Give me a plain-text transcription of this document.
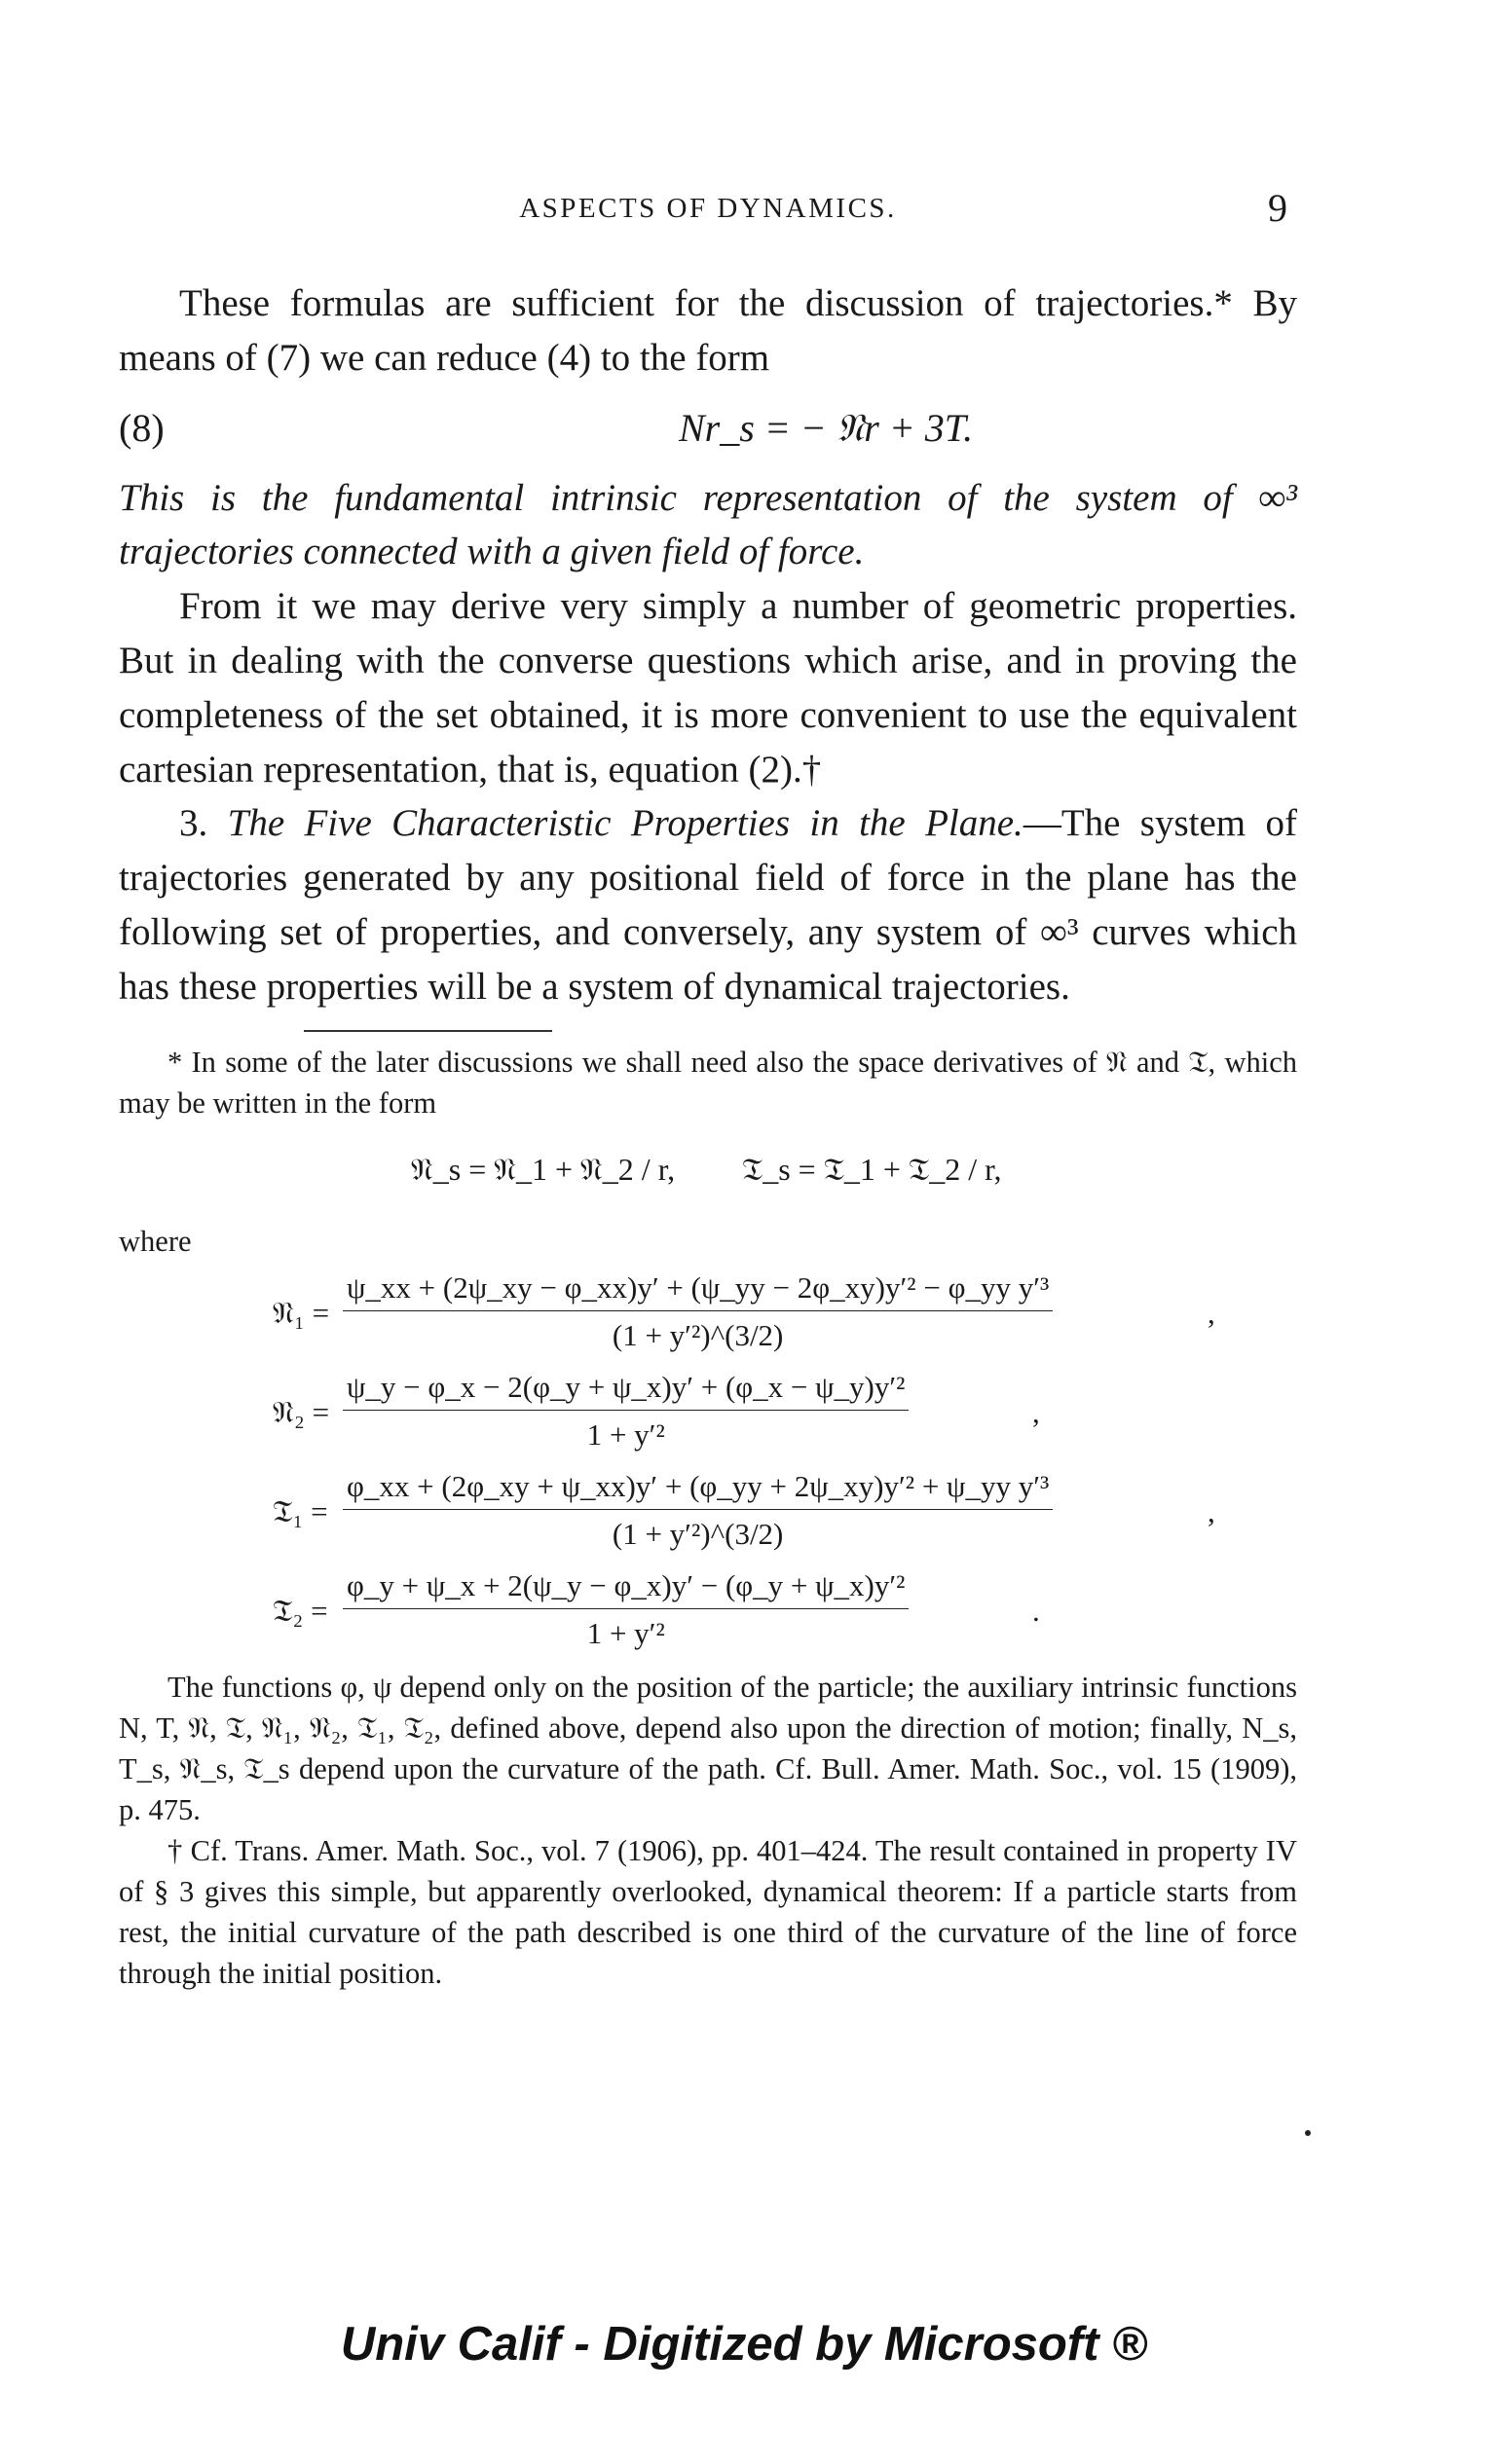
ASPECTS OF DYNAMICS.	9

These formulas are sufficient for the discussion of trajectories.* By means of (7) we can reduce (4) to the form

(8)	Nr_s = − 𝔑r + 3T.

This is the fundamental intrinsic representation of the system of ∞³ trajectories connected with a given field of force.

From it we may derive very simply a number of geometric properties. But in dealing with the converse questions which arise, and in proving the completeness of the set obtained, it is more convenient to use the equivalent cartesian representation, that is, equation (2).†

3. The Five Characteristic Properties in the Plane.—The system of trajectories generated by any positional field of force in the plane has the following set of properties, and conversely, any system of ∞³ curves which has these properties will be a system of dynamical trajectories.

* In some of the later discussions we shall need also the space derivatives of 𝔑 and 𝔗, which may be written in the form

𝔑_s = 𝔑_1 + 𝔑_2 / r, 𝔗_s = 𝔗_1 + 𝔗_2 / r,

where

𝔑₁ = $\frac{\text{ψ\_xx + (2ψ\_xy − φ\_xx)y′ + (ψ\_yy − 2φ\_xy)y′² − φ\_yy y′³}}{\text{(1 + y′²)\textasciicircum{}(3/2)}}$	,
𝔑₂ = $\frac{\text{ψ\_y − φ\_x − 2(φ\_y + ψ\_x)y′ + (φ\_x − ψ\_y)y′²}}{\text{1 + y′²}}$	,
𝔗₁ = $\frac{\text{φ\_xx + (2φ\_xy + ψ\_xx)y′ + (φ\_yy + 2ψ\_xy)y′² + ψ\_yy y′³}}{\text{(1 + y′²)\textasciicircum{}(3/2)}}$	,
𝔗₂ = $\frac{\text{φ\_y + ψ\_x + 2(ψ\_y − φ\_x)y′ − (φ\_y + ψ\_x)y′²}}{\text{1 + y′²}}$	.

The functions φ, ψ depend only on the position of the particle; the auxiliary intrinsic functions N, T, 𝔑, 𝔗, 𝔑₁, 𝔑₂, 𝔗₁, 𝔗₂, defined above, depend also upon the direction of motion; finally, N_s, T_s, 𝔑_s, 𝔗_s depend upon the curvature of the path. Cf. Bull. Amer. Math. Soc., vol. 15 (1909), p. 475.

† Cf. Trans. Amer. Math. Soc., vol. 7 (1906), pp. 401–424. The result contained in property IV of § 3 gives this simple, but apparently overlooked, dynamical theorem: If a particle starts from rest, the initial curvature of the path described is one third of the curvature of the line of force through the initial position.

Univ Calif - Digitized by Microsoft ®
